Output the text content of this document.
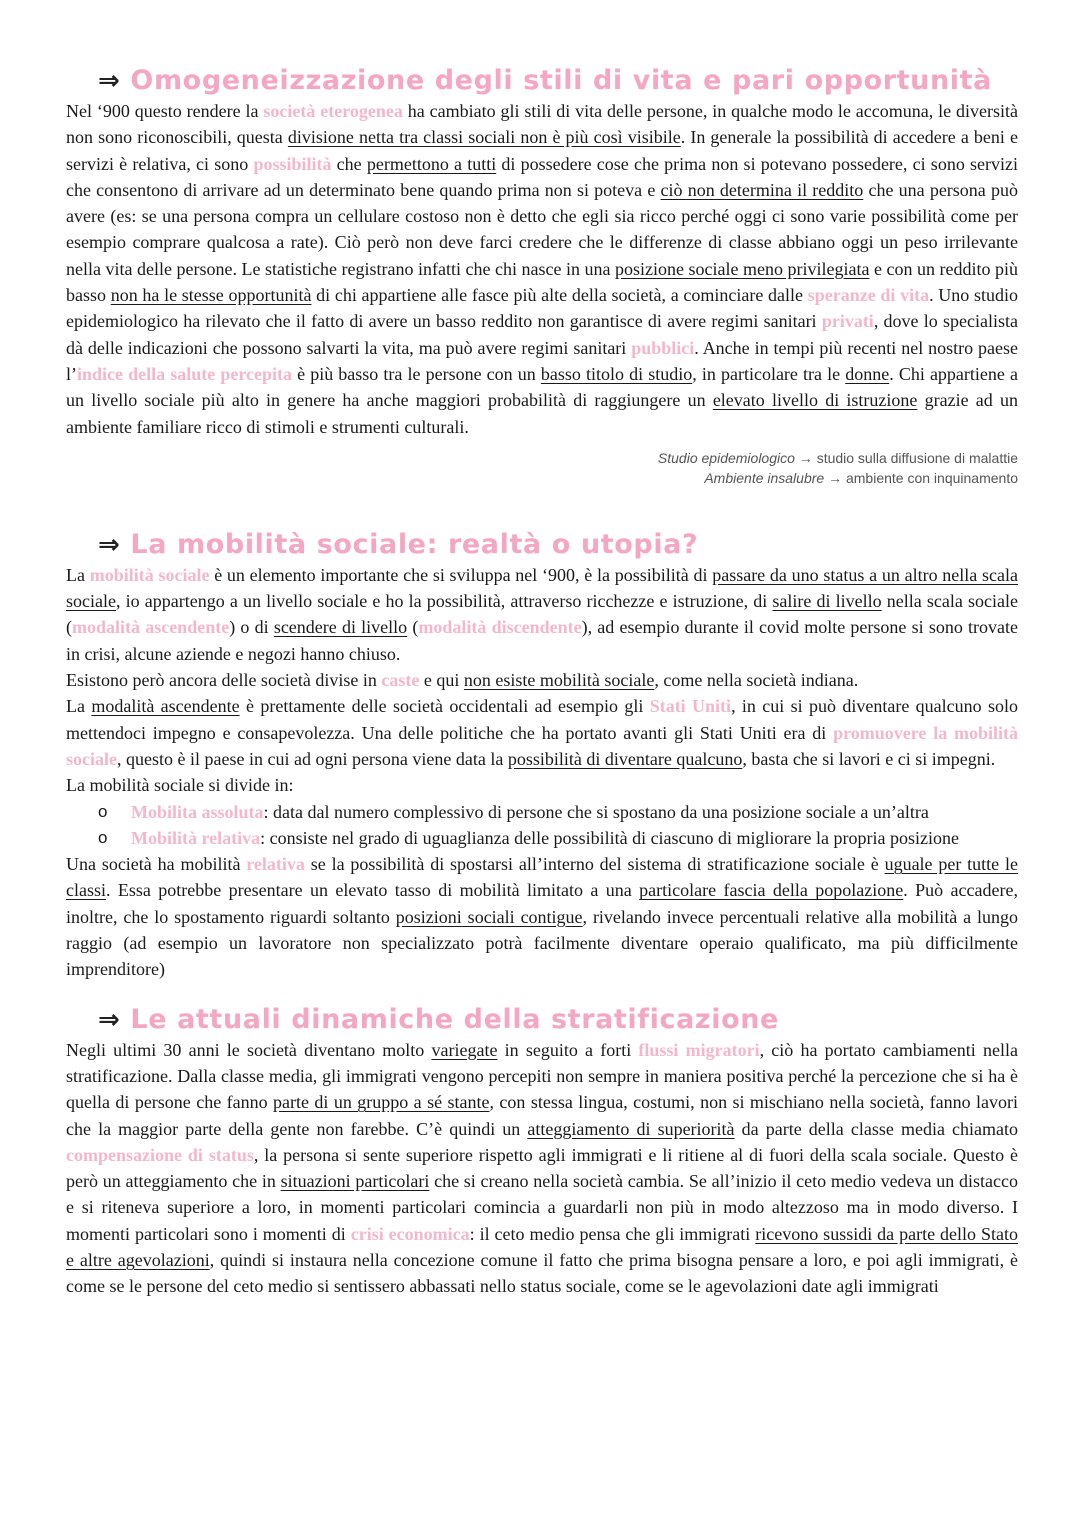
⇒ Omogeneizzazione degli stili di vita e pari opportunità

Nel ‘900 questo rendere la società eterogenea ha cambiato gli stili di vita delle persone, in qualche modo le accomuna, le diversità non sono riconoscibili, questa divisione netta tra classi sociali non è più così visibile. In generale la possibilità di accedere a beni e servizi è relativa, ci sono possibilità che permettono a tutti di possedere cose che prima non si potevano possedere, ci sono servizi che consentono di arrivare ad un determinato bene quando prima non si poteva e ciò non determina il reddito che una persona può avere (es: se una persona compra un cellulare costoso non è detto che egli sia ricco perché oggi ci sono varie possibilità come per esempio comprare qualcosa a rate). Ciò però non deve farci credere che le differenze di classe abbiano oggi un peso irrilevante nella vita delle persone. Le statistiche registrano infatti che chi nasce in una posizione sociale meno privilegiata e con un reddito più basso non ha le stesse opportunità di chi appartiene alle fasce più alte della società, a cominciare dalle speranze di vita. Uno studio epidemiologico ha rilevato che il fatto di avere un basso reddito non garantisce di avere regimi sanitari privati, dove lo specialista dà delle indicazioni che possono salvarti la vita, ma può avere regimi sanitari pubblici. Anche in tempi più recenti nel nostro paese l’indice della salute percepita è più basso tra le persone con un basso titolo di studio, in particolare tra le donne. Chi appartiene a un livello sociale più alto in genere ha anche maggiori probabilità di raggiungere un elevato livello di istruzione grazie ad un ambiente familiare ricco di stimoli e strumenti culturali.

Studio epidemiologico → studio sulla diffusione di malattie
Ambiente insalubre → ambiente con inquinamento
⇒ La mobilità sociale: realtà o utopia?

La mobilità sociale è un elemento importante che si sviluppa nel ‘900, è la possibilità di passare da uno status a un altro nella scala sociale, io appartengo a un livello sociale e ho la possibilità, attraverso ricchezze e istruzione, di salire di livello nella scala sociale (modalità ascendente) o di scendere di livello (modalità discendente), ad esempio durante il covid molte persone si sono trovate in crisi, alcune aziende e negozi hanno chiuso.

Esistono però ancora delle società divise in caste e qui non esiste mobilità sociale, come nella società indiana.

La modalità ascendente è prettamente delle società occidentali ad esempio gli Stati Uniti, in cui si può diventare qualcuno solo mettendoci impegno e consapevolezza. Una delle politiche che ha portato avanti gli Stati Uniti era di promuovere la mobilità sociale, questo è il paese in cui ad ogni persona viene data la possibilità di diventare qualcuno, basta che si lavori e ci si impegni.

La mobilità sociale si divide in:

o Mobilita assoluta: data dal numero complessivo di persone che si spostano da una posizione sociale a un’altra
o Mobilità relativa: consiste nel grado di uguaglianza delle possibilità di ciascuno di migliorare la propria posizione

Una società ha mobilità relativa se la possibilità di spostarsi all’interno del sistema di stratificazione sociale è uguale per tutte le classi. Essa potrebbe presentare un elevato tasso di mobilità limitato a una particolare fascia della popolazione. Può accadere, inoltre, che lo spostamento riguardi soltanto posizioni sociali contigue, rivelando invece percentuali relative alla mobilità a lungo raggio (ad esempio un lavoratore non specializzato potrà facilmente diventare operaio qualificato, ma più difficilmente imprenditore)

⇒ Le attuali dinamiche della stratificazione

Negli ultimi 30 anni le società diventano molto variegate in seguito a forti flussi migratori, ciò ha portato cambiamenti nella stratificazione. Dalla classe media, gli immigrati vengono percepiti non sempre in maniera positiva perché la percezione che si ha è quella di persone che fanno parte di un gruppo a sé stante, con stessa lingua, costumi, non si mischiano nella società, fanno lavori che la maggior parte della gente non farebbe. C’è quindi un atteggiamento di superiorità da parte della classe media chiamato compensazione di status, la persona si sente superiore rispetto agli immigrati e li ritiene al di fuori della scala sociale. Questo è però un atteggiamento che in situazioni particolari che si creano nella società cambia. Se all’inizio il ceto medio vedeva un distacco e si riteneva superiore a loro, in momenti particolari comincia a guardarli non più in modo altezzoso ma in modo diverso. I momenti particolari sono i momenti di crisi economica: il ceto medio pensa che gli immigrati ricevono sussidi da parte dello Stato e altre agevolazioni, quindi si instaura nella concezione comune il fatto che prima bisogna pensare a loro, e poi agli immigrati, è come se le persone del ceto medio si sentissero abbassati nello status sociale, come se le agevolazioni date agli immigrati
